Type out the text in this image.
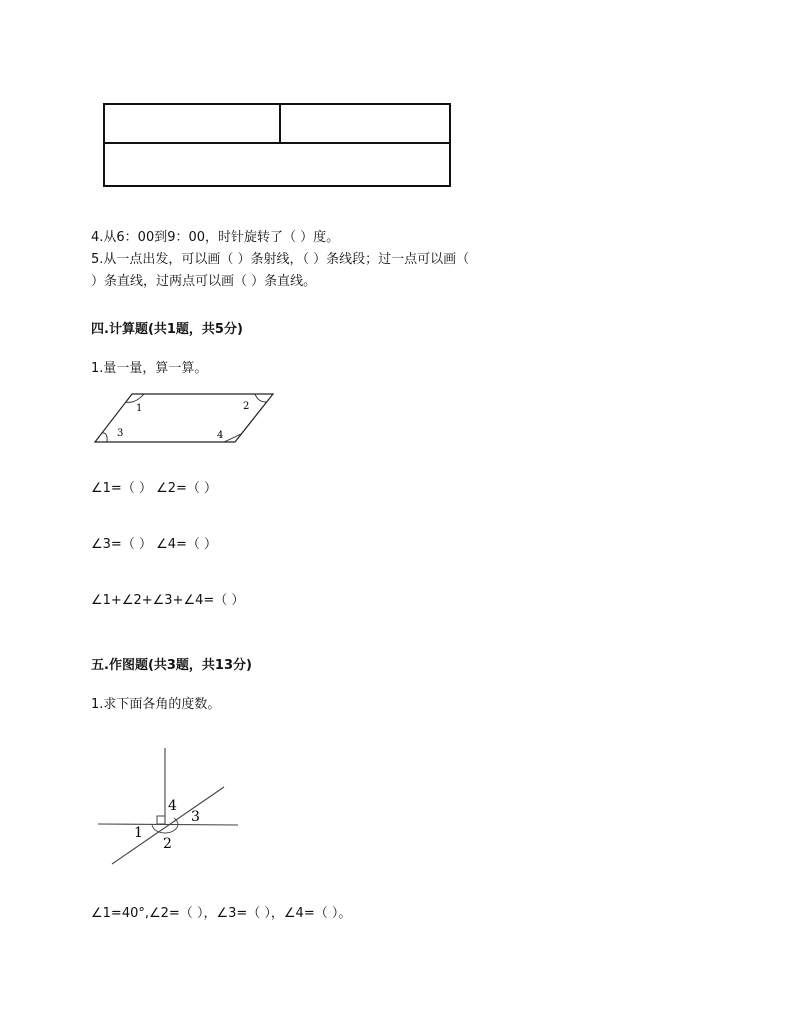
4.从6：00到9：00，时针旋转了（ ）度。
5.从一点出发，可以画（ ）条射线，（ ）条线段；过一点可以画（
）条直线，过两点可以画（ ）条直线。
四.计算题(共1题，共5分)
1.量一量，算一算。
1	2
3	4
∠1=（ ） ∠2=（ ）
∠3=（ ） ∠4=（ ）
∠1+∠2+∠3+∠4=（ ）
五.作图题(共3题，共13分)
1.求下面各角的度数。
4
3
1
2
∠1=40°,∠2=（ ），∠3=（ ），∠4=（ ）。
